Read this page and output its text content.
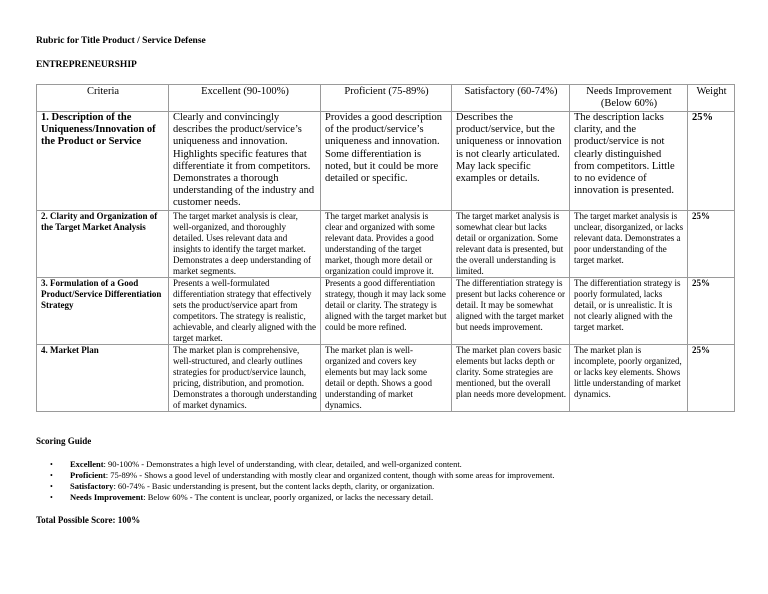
Rubric for Title Product / Service Defense
ENTREPRENEURSHIP
Criteria	Excellent (90-100%)	Proficient (75-89%)	Satisfactory (60-74%)	Needs Improvement (Below 60%)	Weight
1. Description of the Uniqueness/Innovation of the Product or Service	Clearly and convincingly describes the product/service’s uniqueness and innovation. Highlights specific features that differentiate it from competitors. Demonstrates a thorough understanding of the industry and customer needs.	Provides a good description of the product/service’s uniqueness and innovation. Some differentiation is noted, but it could be more detailed or specific.	Describes the product/service, but the uniqueness or innovation is not clearly articulated. May lack specific examples or details.	The description lacks clarity, and the product/service is not clearly distinguished from competitors. Little to no evidence of innovation is presented.	25%
2. Clarity and Organization of the Target Market Analysis	The target market analysis is clear, well-organized, and thoroughly detailed. Uses relevant data and insights to identify the target market. Demonstrates a deep understanding of market segments.	The target market analysis is clear and organized with some relevant data. Provides a good understanding of the target market, though more detail or organization could improve it.	The target market analysis is somewhat clear but lacks detail or organization. Some relevant data is presented, but the overall understanding is limited.	The target market analysis is unclear, disorganized, or lacks relevant data. Demonstrates a poor understanding of the target market.	25%
3. Formulation of a Good Product/Service Differentiation Strategy	Presents a well-formulated differentiation strategy that effectively sets the product/service apart from competitors. The strategy is realistic, achievable, and clearly aligned with the target market.	Presents a good differentiation strategy, though it may lack some detail or clarity. The strategy is aligned with the target market but could be more refined.	The differentiation strategy is present but lacks coherence or detail. It may be somewhat aligned with the target market but needs improvement.	The differentiation strategy is poorly formulated, lacks detail, or is unrealistic. It is not clearly aligned with the target market.	25%
4. Market Plan	The market plan is comprehensive, well-structured, and clearly outlines strategies for product/service launch, pricing, distribution, and promotion. Demonstrates a thorough understanding of market dynamics.	The market plan is well-organized and covers key elements but may lack some detail or depth. Shows a good understanding of market dynamics.	The market plan covers basic elements but lacks depth or clarity. Some strategies are mentioned, but the overall plan needs more development.	The market plan is incomplete, poorly organized, or lacks key elements. Shows little understanding of market dynamics.	25%
Scoring Guide
• Excellent: 90-100% - Demonstrates a high level of understanding, with clear, detailed, and well-organized content.
• Proficient: 75-89% - Shows a good level of understanding with mostly clear and organized content, though with some areas for improvement.
• Satisfactory: 60-74% - Basic understanding is present, but the content lacks depth, clarity, or organization.
• Needs Improvement: Below 60% - The content is unclear, poorly organized, or lacks the necessary detail.
Total Possible Score: 100%
